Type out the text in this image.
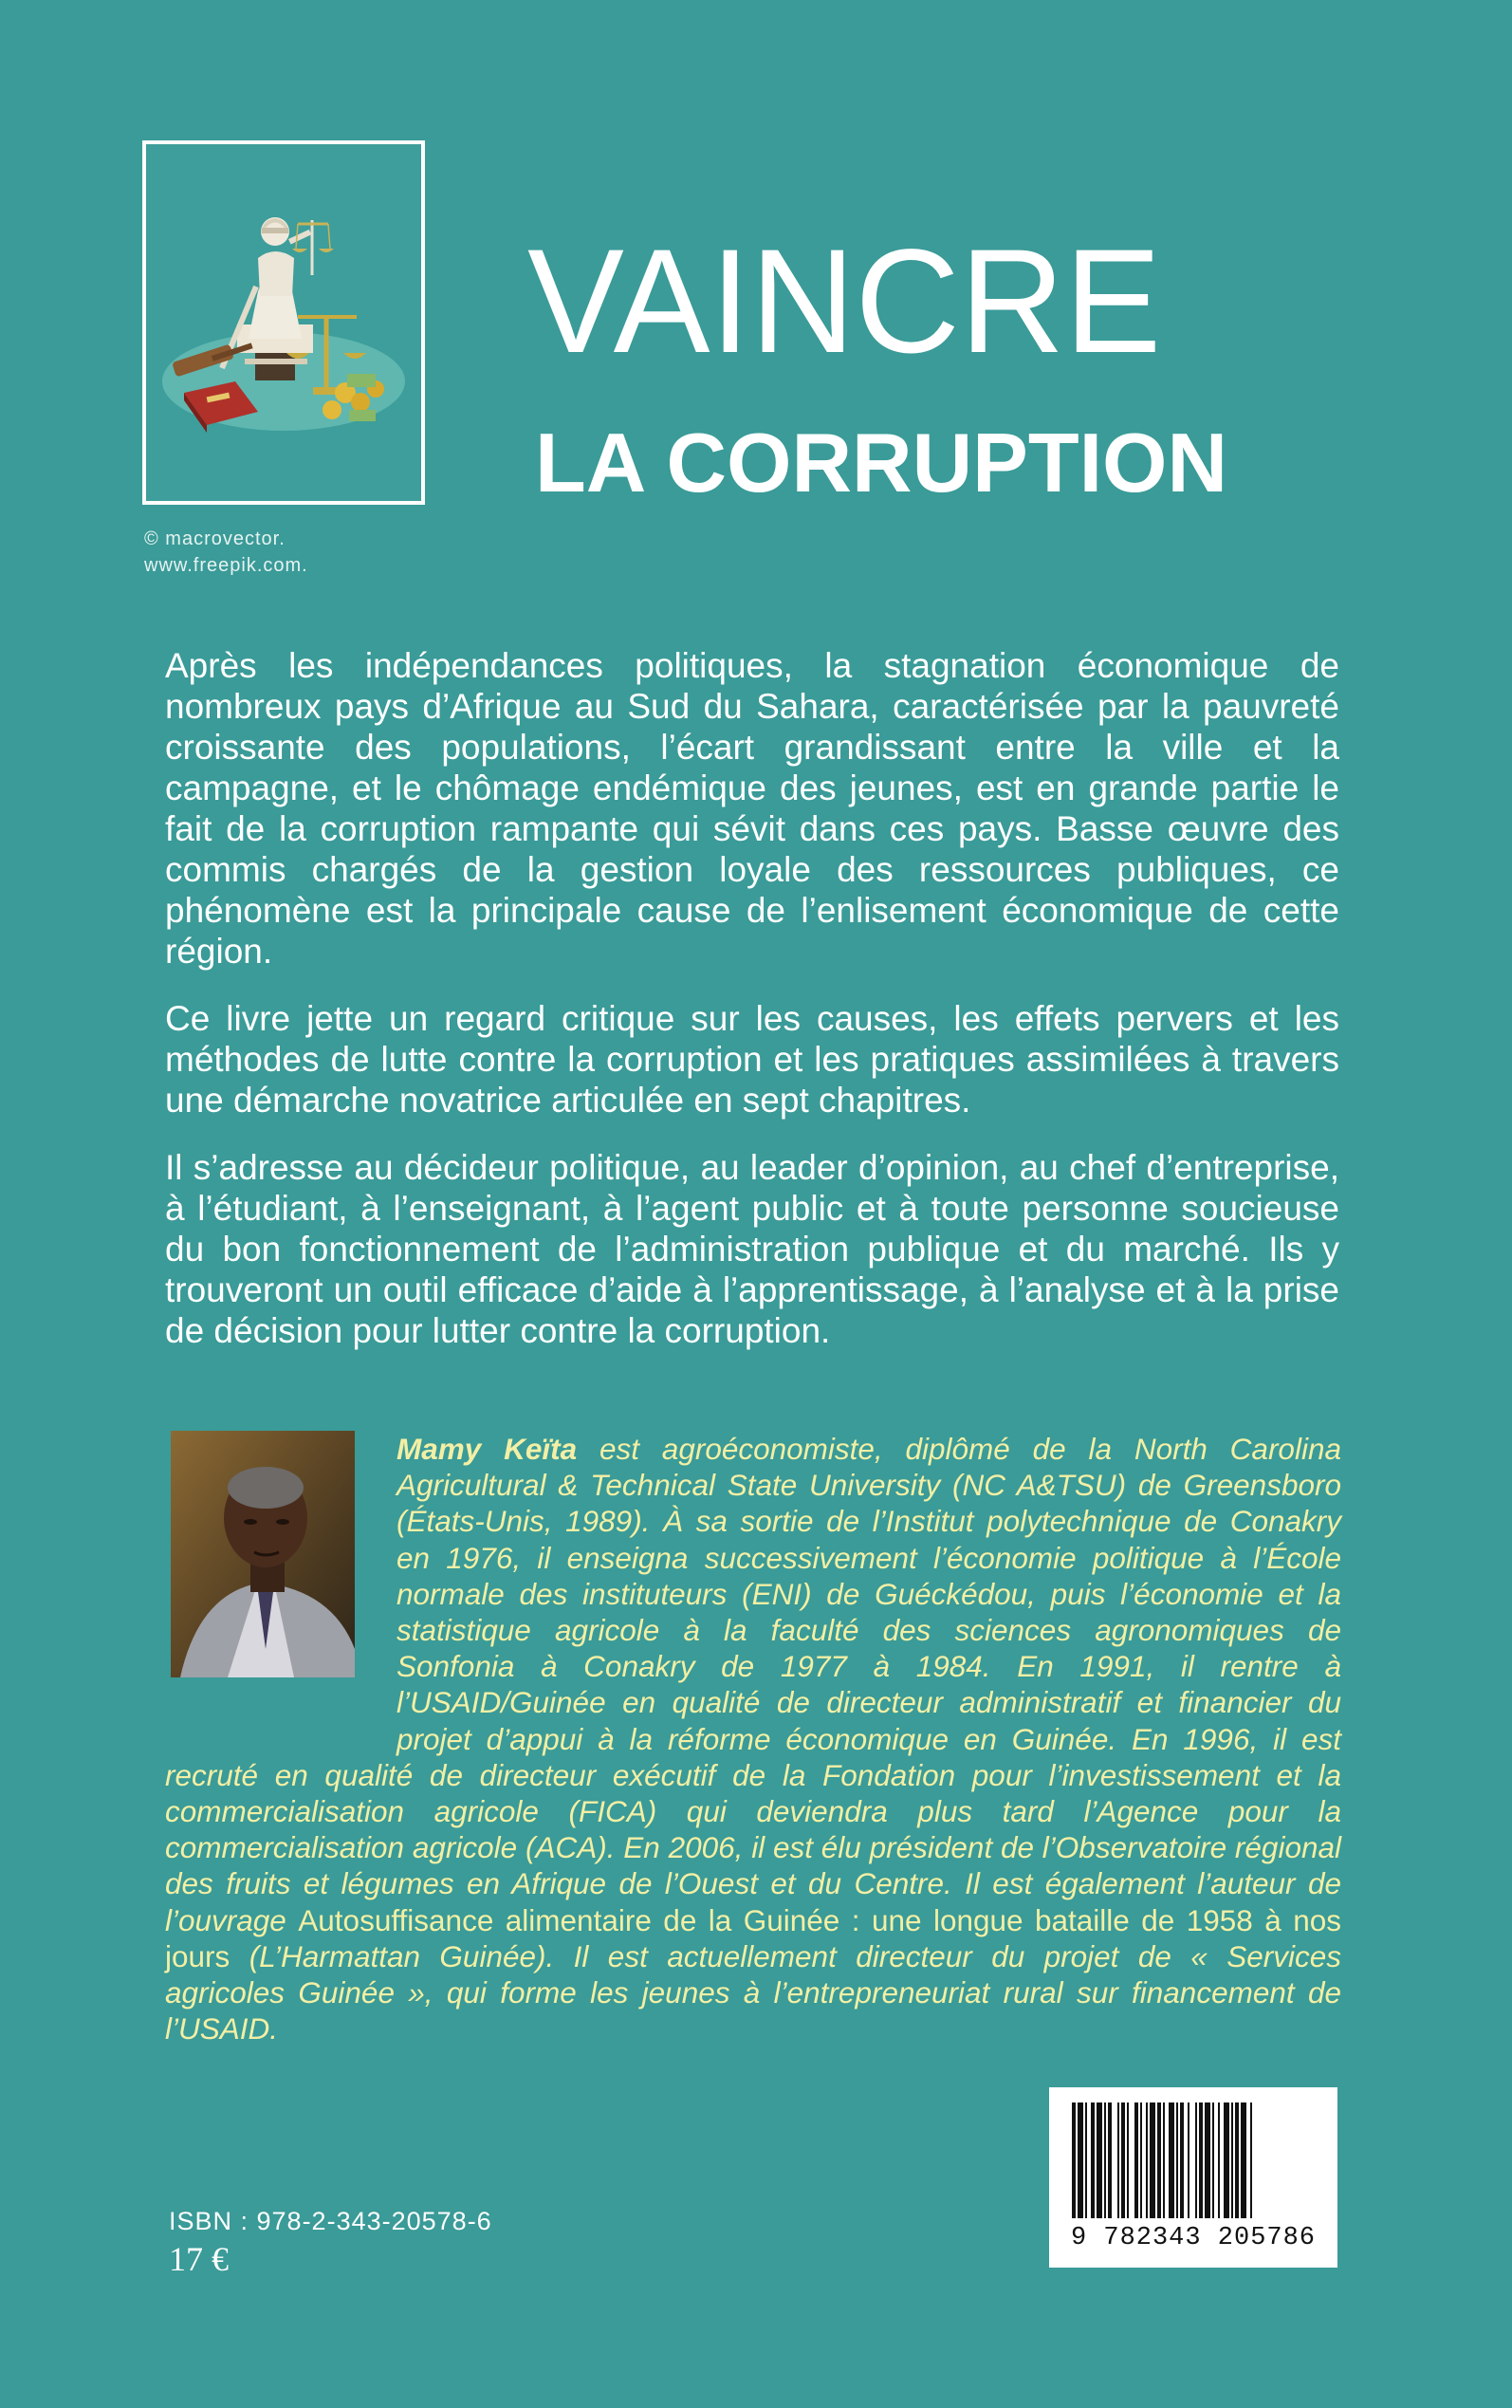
© macrovector.
www.freepik.com.
VAINCRE
LA CORRUPTION

Après les indépendances politiques, la stagnation économique de nombreux pays d’Afrique au Sud du Sahara, caractérisée par la pauvreté croissante des populations, l’écart grandissant entre la ville et la campagne, et le chômage endémique des jeunes, est en grande partie le fait de la corruption rampante qui sévit dans ces pays. Basse œuvre des commis chargés de la gestion loyale des ressources publiques, ce phénomène est la principale cause de l’enlisement économique de cette région.

Ce livre jette un regard critique sur les causes, les effets pervers et les méthodes de lutte contre la corruption et les pratiques assimilées à travers une démarche novatrice articulée en sept chapitres.

Il s’adresse au décideur politique, au leader d’opinion, au chef d’entreprise, à l’étudiant, à l’enseignant, à l’agent public et à toute personne soucieuse du bon fonctionnement de l’administration publique et du marché. Ils y trouveront un outil efficace d’aide à l’apprentissage, à l’analyse et à la prise de décision pour lutter contre la corruption.

Mamy Keïta est agroéconomiste, diplômé de la North Carolina Agricultural & Technical State University (NC A&TSU) de Greensboro (États-Unis, 1989). À sa sortie de l’Institut polytechnique de Conakry en 1976, il enseigna successivement l’économie politique à l’École normale des instituteurs (ENI) de Guéckédou, puis l’économie et la statistique agricole à la faculté des sciences agronomiques de Sonfonia à Conakry de 1977 à 1984. En 1991, il rentre à l’USAID/Guinée en qualité de directeur administratif et financier du projet d’appui à la réforme économique en Guinée. En 1996, il est recruté en qualité de directeur exécutif de la Fondation pour l’investissement et la commercialisation agricole (FICA) qui deviendra plus tard l’Agence pour la commercialisation agricole (ACA). En 2006, il est élu président de l’Observatoire régional des fruits et légumes en Afrique de l’Ouest et du Centre. Il est également l’auteur de l’ouvrage Autosuffisance alimentaire de la Guinée : une longue bataille de 1958 à nos jours (L’Harmattan Guinée). Il est actuellement directeur du projet de « Services agricoles Guinée », qui forme les jeunes à l’entrepreneuriat rural sur financement de l’USAID.
ISBN : 978-2-343-20578-6
17 €
9 782343 205786
